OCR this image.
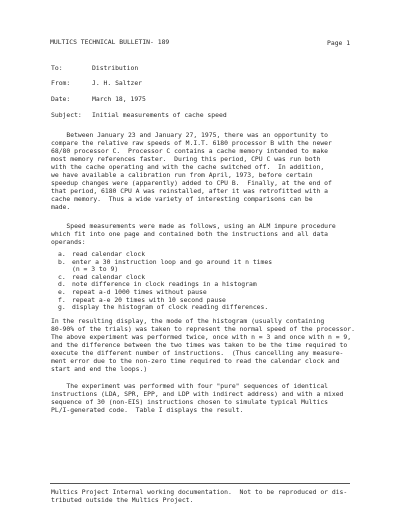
MULTICS TECHNICAL BULLETIN- 189	Page 1
To:	Distribution
From:	J. H. Saltzer
Date:	March 18, 1975
Subject: Initial measurements of cache speed
Between January 23 and January 27, 1975, there was an opportunity to
compare the relative raw speeds of M.I.T. 6180 processor B with the newer
68/80 processor C.  Processor C contains a cache memory intended to make
most memory references faster.  During this period, CPU C was run both
with the cache operating and with the cache switched off.  In addition,
we have available a calibration run from April, 1973, before certain
speedup changes were (apparently) added to CPU B.  Finally, at the end of
that period, 6180 CPU A was reinstalled, after it was retrofitted with a
cache memory.  Thus a wide variety of interesting comparisons can be
made.
Speed measurements were made as follows, using an ALM impure procedure
which fit into one page and contained both the instructions and all data
operands:
a. read calendar clock
b. enter a 30 instruction loop and go around it n times
(n = 3 to 9)
c. read calendar clock
d. note difference in clock readings in a histogram
e. repeat a-d 1000 times without pause
f. repeat a-e 20 times with 10 second pause
g. display the histogram of clock reading differences.
In the resulting display, the mode of the histogram (usually containing
80-90% of the trials) was taken to represent the normal speed of the processor.
The above experiment was performed twice, once with n = 3 and once with n = 9,
and the difference between the two times was taken to be the time required to
execute the different number of instructions.  (Thus cancelling any measure-
ment error due to the non-zero time required to read the calendar clock and
start and end the loops.)
The experiment was performed with four "pure" sequences of identical
instructions (LDA, SPR, EPP, and LDP with indirect address) and with a mixed
sequence of 30 (non-EIS) instructions chosen to simulate typical Multics
PL/I-generated code.  Table I displays the result.
Multics Project Internal working documentation.  Not to be reproduced or dis-
tributed outside the Multics Project.
